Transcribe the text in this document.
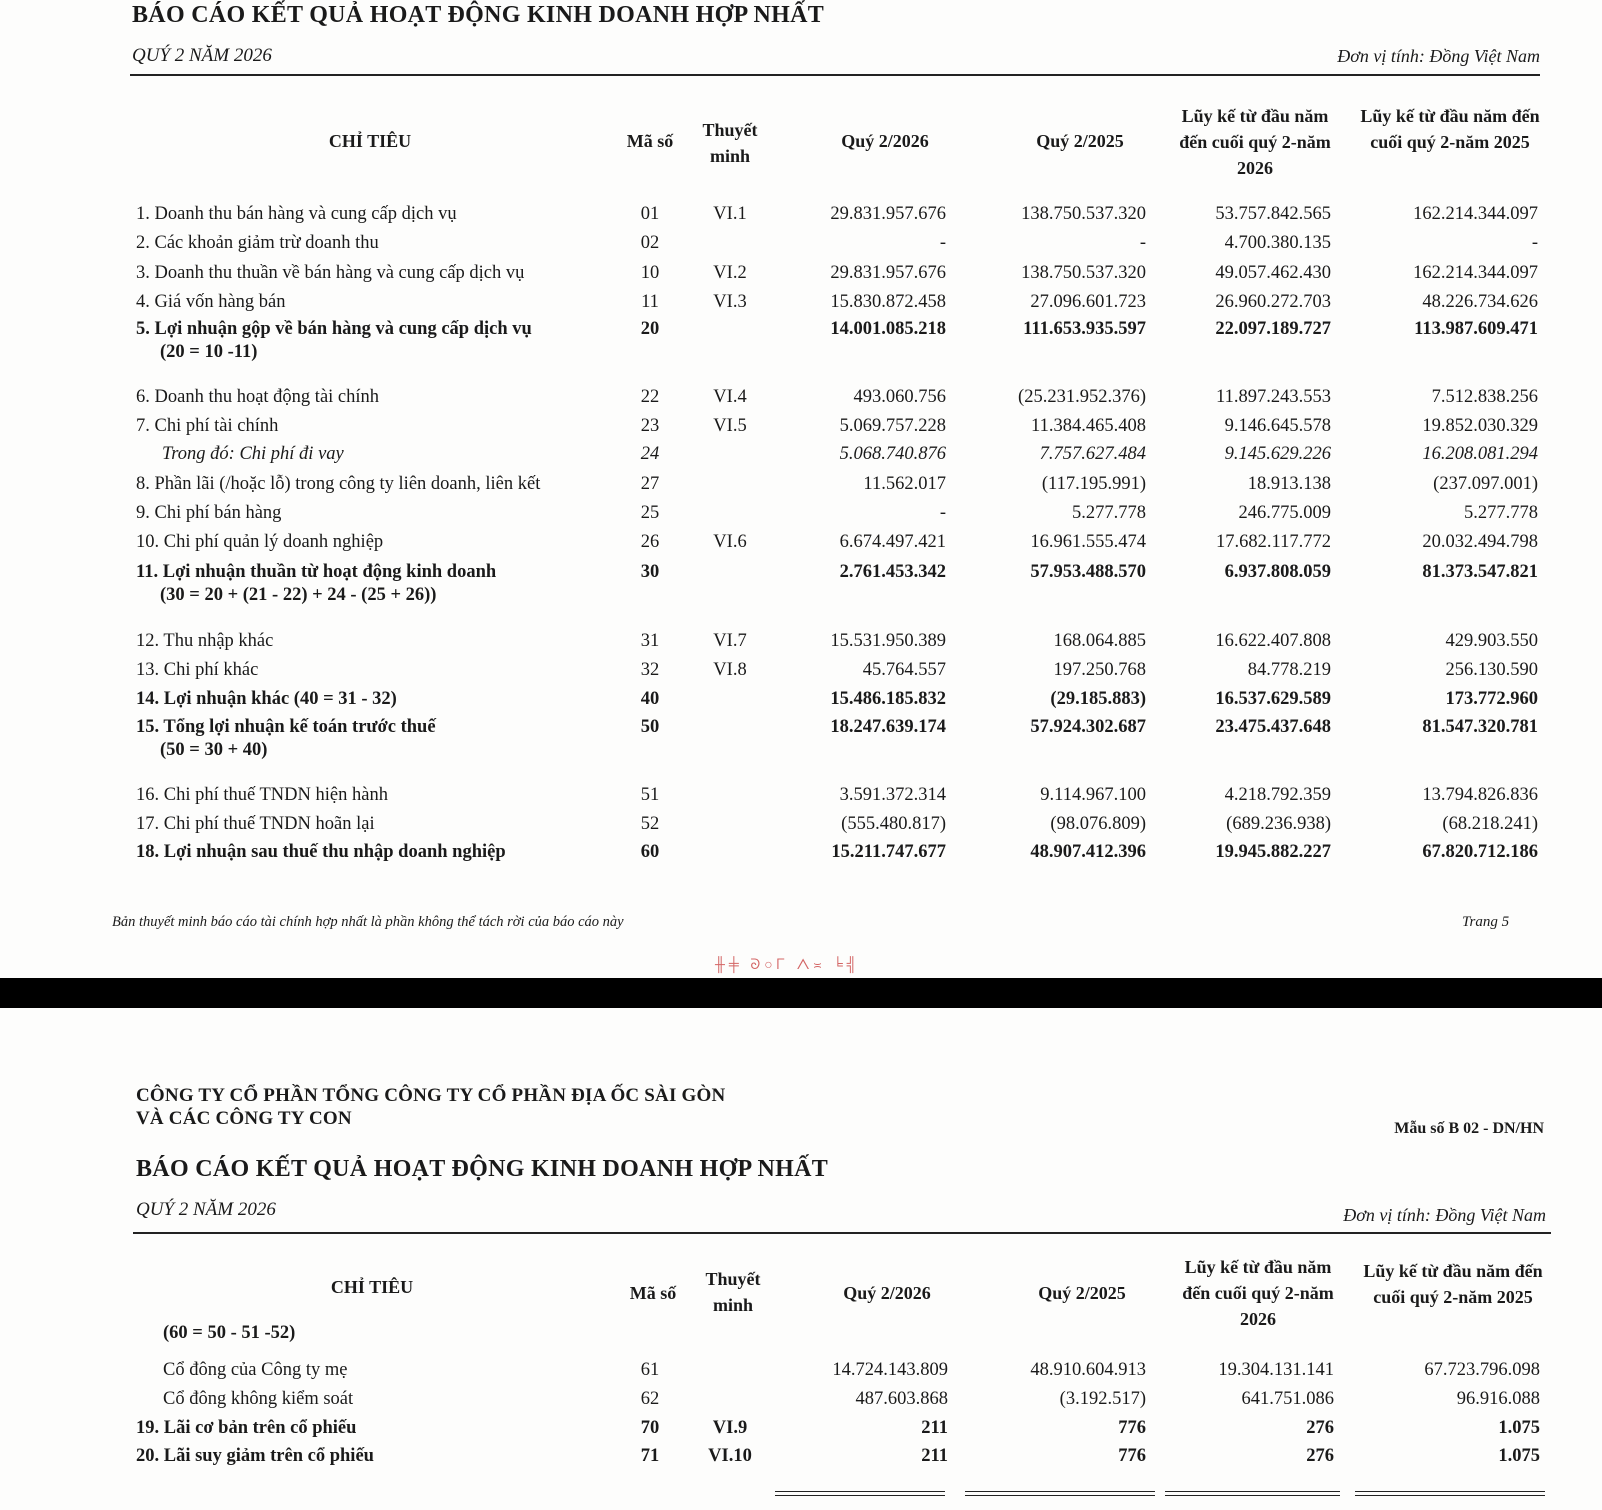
BÁO CÁO KẾT QUẢ HOẠT ĐỘNG KINH DOANH HỢP NHẤT
QUÝ 2 NĂM 2026	Đơn vị tính: Đồng Việt Nam
CHỈ TIÊU	Mã số
Thuyết minh
Quý 2/2026	Quý 2/2025
Lũy kế từ đầu năm đến cuối quý 2-năm 2026
Lũy kế từ đầu năm đến cuối quý 2-năm 2025
1. Doanh thu bán hàng và cung cấp dịch vụ	01	VI.1	29.831.957.676	138.750.537.320	53.757.842.565	162.214.344.097
2. Các khoản giảm trừ doanh thu	02	-	-	4.700.380.135	-
3. Doanh thu thuần về bán hàng và cung cấp dịch vụ	10	VI.2	29.831.957.676	138.750.537.320	49.057.462.430	162.214.344.097
4. Giá vốn hàng bán	11	VI.3	15.830.872.458	27.096.601.723	26.960.272.703	48.226.734.626
5. Lợi nhuận gộp về bán hàng và cung cấp dịch vụ	20	14.001.085.218	111.653.935.597	22.097.189.727	113.987.609.471
(20 = 10 -11)
6. Doanh thu hoạt động tài chính	22	VI.4	493.060.756	(25.231.952.376)	11.897.243.553	7.512.838.256
7. Chi phí tài chính	23	VI.5	5.069.757.228	11.384.465.408	9.146.645.578	19.852.030.329
Trong đó: Chi phí đi vay	24	5.068.740.876	7.757.627.484	9.145.629.226	16.208.081.294
8. Phần lãi (/hoặc lỗ) trong công ty liên doanh, liên kết	27	11.562.017	(117.195.991)	18.913.138	(237.097.001)
9. Chi phí bán hàng	25	-	5.277.778	246.775.009	5.277.778
10. Chi phí quản lý doanh nghiệp	26	VI.6	6.674.497.421	16.961.555.474	17.682.117.772	20.032.494.798
11. Lợi nhuận thuần từ hoạt động kinh doanh	30	2.761.453.342	57.953.488.570	6.937.808.059	81.373.547.821
(30 = 20 + (21 - 22) + 24 - (25 + 26))
12. Thu nhập khác	31	VI.7	15.531.950.389	168.064.885	16.622.407.808	429.903.550
13. Chi phí khác	32	VI.8	45.764.557	197.250.768	84.778.219	256.130.590
14. Lợi nhuận khác (40 = 31 - 32)	40	15.486.185.832	(29.185.883)	16.537.629.589	173.772.960
15. Tổng lợi nhuận kế toán trước thuế	50	18.247.639.174	57.924.302.687	23.475.437.648	81.547.320.781
(50 = 30 + 40)
16. Chi phí thuế TNDN hiện hành	51	3.591.372.314	9.114.967.100	4.218.792.359	13.794.826.836
17. Chi phí thuế TNDN hoãn lại	52	(555.480.817)	(98.076.809)	(689.236.938)	(68.218.241)
18. Lợi nhuận sau thuế thu nhập doanh nghiệp	60	15.211.747.677	48.907.412.396	19.945.882.227	67.820.712.186
Bản thuyết minh báo cáo tài chính hợp nhất là phần không thể tách rời của báo cáo này	Trang 5
╫╪ ᘐ○ᒥ ᐱ≍ ╘╣
CÔNG TY CỔ PHẦN TỔNG CÔNG TY CỔ PHẦN ĐỊA ỐC SÀI GÒN
VÀ CÁC CÔNG TY CON	Mẫu số B 02 - DN/HN
BÁO CÁO KẾT QUẢ HOẠT ĐỘNG KINH DOANH HỢP NHẤT
QUÝ 2 NĂM 2026	Đơn vị tính: Đồng Việt Nam
CHỈ TIÊU	Mã số
Thuyết minh
Quý 2/2026	Quý 2/2025
Lũy kế từ đầu năm đến cuối quý 2-năm 2026
Lũy kế từ đầu năm đến cuối quý 2-năm 2025
(60 = 50 - 51 -52)
Cổ đông của Công ty mẹ	61	14.724.143.809	48.910.604.913	19.304.131.141	67.723.796.098
Cổ đông không kiểm soát	62	487.603.868	(3.192.517)	641.751.086	96.916.088
19. Lãi cơ bản trên cổ phiếu	70	VI.9	211	776	276	1.075
20. Lãi suy giảm trên cổ phiếu	71	VI.10	211	776	276	1.075
